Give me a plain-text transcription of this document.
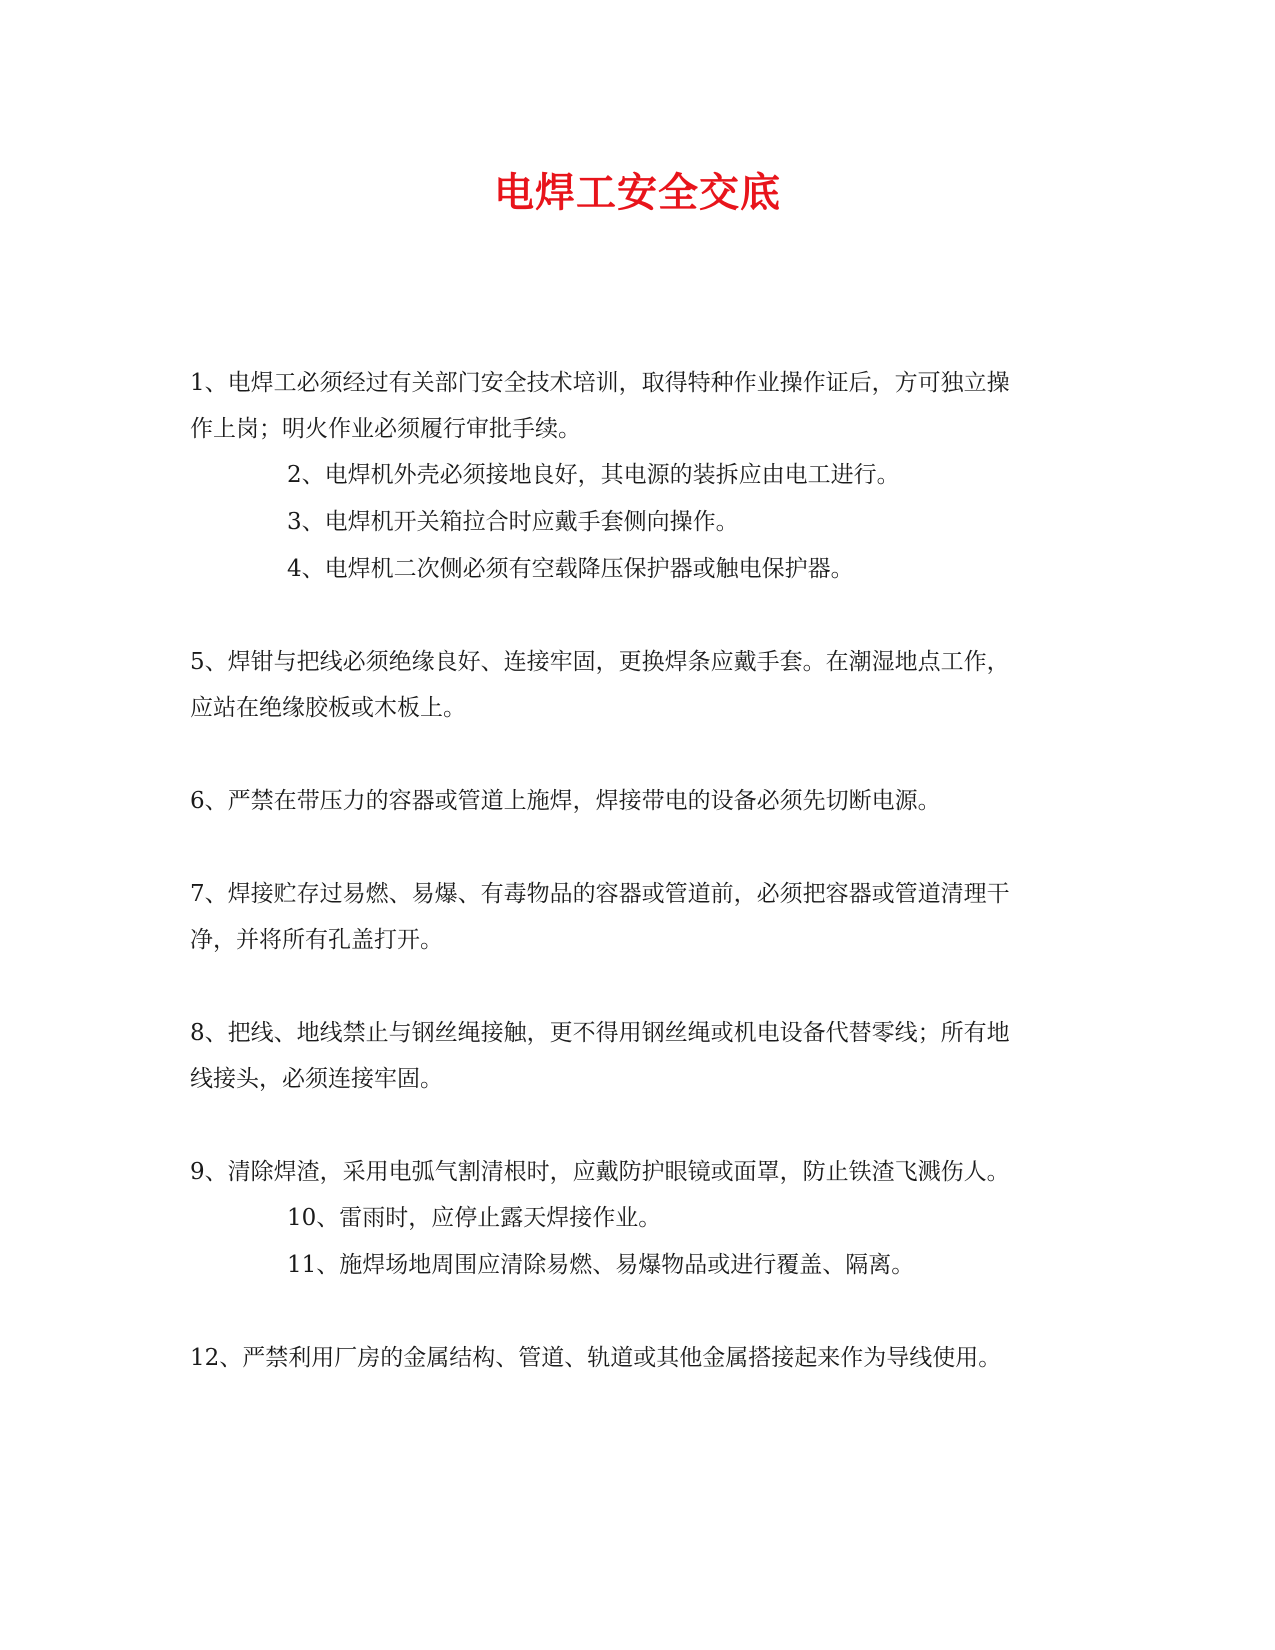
电焊工安全交底
1、电焊工必须经过有关部门安全技术培训，取得特种作业操作证后，方可独立操
作上岗；明火作业必须履行审批手续。
2、电焊机外壳必须接地良好，其电源的装拆应由电工进行。
3、电焊机开关箱拉合时应戴手套侧向操作。
4、电焊机二次侧必须有空载降压保护器或触电保护器。
5、焊钳与把线必须绝缘良好、连接牢固，更换焊条应戴手套。在潮湿地点工作，
应站在绝缘胶板或木板上。
6、严禁在带压力的容器或管道上施焊，焊接带电的设备必须先切断电源。
7、焊接贮存过易燃、易爆、有毒物品的容器或管道前，必须把容器或管道清理干
净，并将所有孔盖打开。
8、把线、地线禁止与钢丝绳接触，更不得用钢丝绳或机电设备代替零线；所有地
线接头，必须连接牢固。
9、清除焊渣，采用电弧气割清根时，应戴防护眼镜或面罩，防止铁渣飞溅伤人。
10、雷雨时，应停止露天焊接作业。
11、施焊场地周围应清除易燃、易爆物品或进行覆盖、隔离。
12、严禁利用厂房的金属结构、管道、轨道或其他金属搭接起来作为导线使用。
